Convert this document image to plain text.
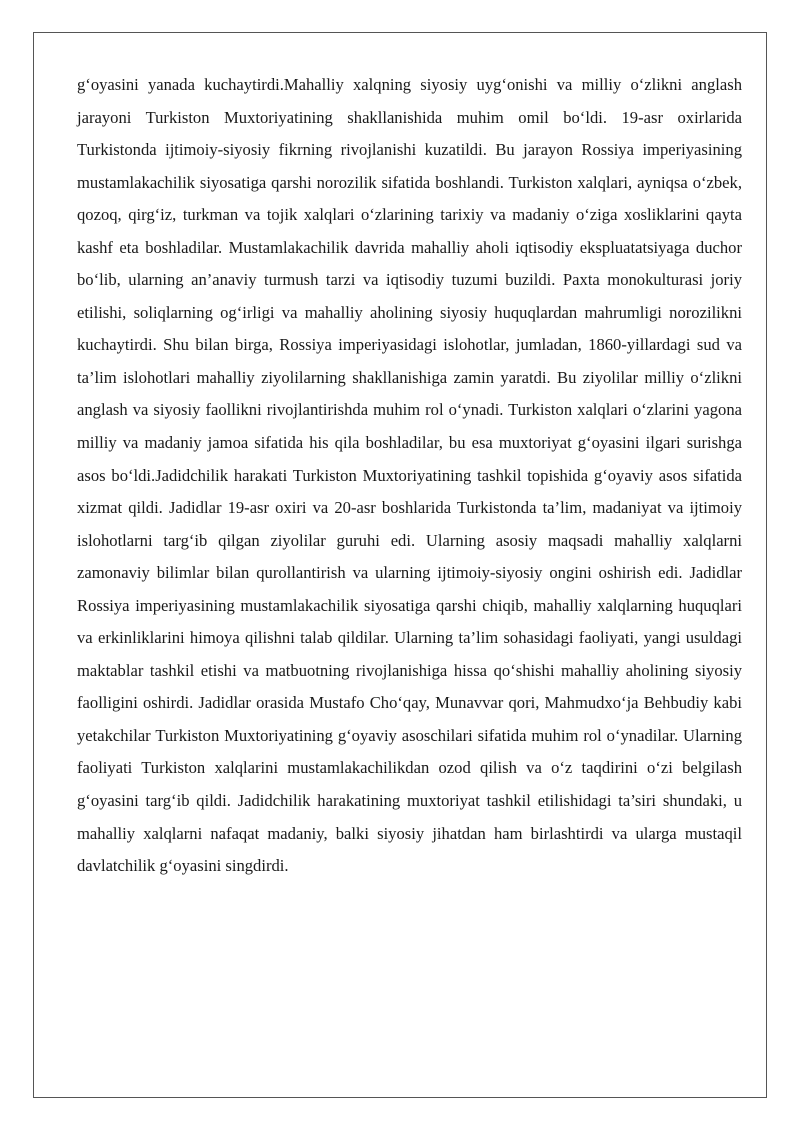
g‘oyasini yanada kuchaytirdi.Mahalliy xalqning siyosiy uyg‘onishi va milliy o‘zlikni anglash jarayoni Turkiston Muxtoriyatining shakllanishida muhim omil bo‘ldi. 19-asr oxirlarida Turkistonda ijtimoiy-siyosiy fikrning rivojlanishi kuzatildi. Bu jarayon Rossiya imperiyasining mustamlakachilik siyosatiga qarshi norozilik sifatida boshlandi. Turkiston xalqlari, ayniqsa o‘zbek, qozoq, qirg‘iz, turkman va tojik xalqlari o‘zlarining tarixiy va madaniy o‘ziga xosliklarini qayta kashf eta boshladilar. Mustamlakachilik davrida mahalliy aholi iqtisodiy ekspluatatsiyaga duchor bo‘lib, ularning an’anaviy turmush tarzi va iqtisodiy tuzumi buzildi. Paxta monokulturasi joriy etilishi, soliqlarning og‘irligi va mahalliy aholining siyosiy huquqlardan mahrumligi norozilikni kuchaytirdi. Shu bilan birga, Rossiya imperiyasidagi islohotlar, jumladan, 1860-yillardagi sud va ta’lim islohotlari mahalliy ziyolilarning shakllanishiga zamin yaratdi. Bu ziyolilar milliy o‘zlikni anglash va siyosiy faollikni rivojlantirishda muhim rol o‘ynadi. Turkiston xalqlari o‘zlarini yagona milliy va madaniy jamoa sifatida his qila boshladilar, bu esa muxtoriyat g‘oyasini ilgari surishga asos bo‘ldi.Jadidchilik harakati Turkiston Muxtoriyatining tashkil topishida g‘oyaviy asos sifatida xizmat qildi. Jadidlar 19-asr oxiri va 20-asr boshlarida Turkistonda ta’lim, madaniyat va ijtimoiy islohotlarni targ‘ib qilgan ziyolilar guruhi edi. Ularning asosiy maqsadi mahalliy xalqlarni zamonaviy bilimlar bilan qurollantirish va ularning ijtimoiy-siyosiy ongini oshirish edi. Jadidlar Rossiya imperiyasining mustamlakachilik siyosatiga qarshi chiqib, mahalliy xalqlarning huquqlari va erkinliklarini himoya qilishni talab qildilar. Ularning ta’lim sohasidagi faoliyati, yangi usuldagi maktablar tashkil etishi va matbuotning rivojlanishiga hissa qo‘shishi mahalliy aholining siyosiy faolligini oshirdi. Jadidlar orasida Mustafo Cho‘qay, Munavvar qori, Mahmudxo‘ja Behbudiy kabi yetakchilar Turkiston Muxtoriyatining g‘oyaviy asoschilari sifatida muhim rol o‘ynadilar. Ularning faoliyati Turkiston xalqlarini mustamlakachilikdan ozod qilish va o‘z taqdirini o‘zi belgilash g‘oyasini targ‘ib qildi. Jadidchilik harakatining muxtoriyat tashkil etilishidagi ta’siri shundaki, u mahalliy xalqlarni nafaqat madaniy, balki siyosiy jihatdan ham birlashtirdi va ularga mustaqil davlatchilik g‘oyasini singdirdi.
